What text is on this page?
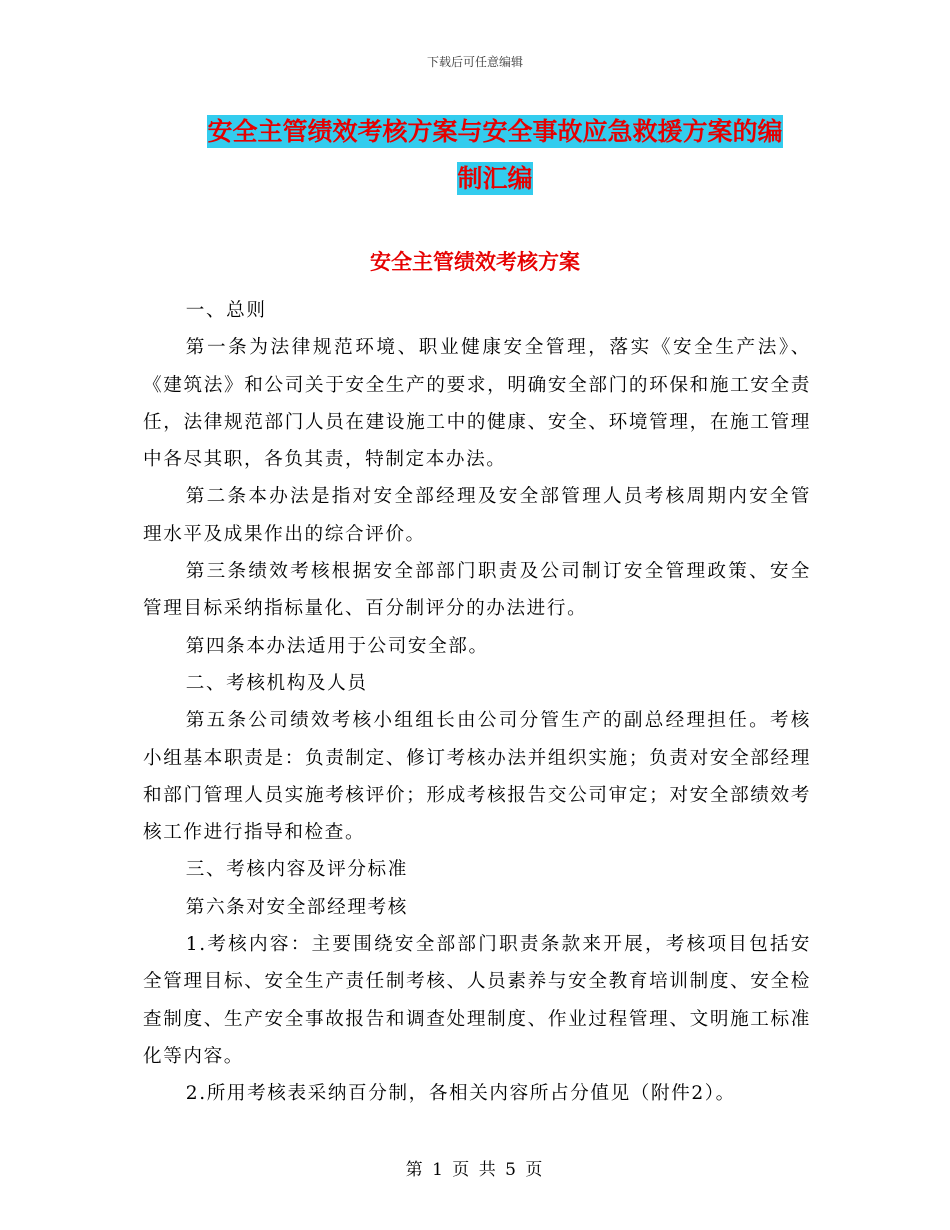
下载后可任意编辑
安全主管绩效考核方案与安全事故应急救援方案的编
制汇编
安全主管绩效考核方案

一、总则

第一条为法律规范环境、职业健康安全管理，落实《安全生产法》、《建筑法》和公司关于安全生产的要求，明确安全部门的环保和施工安全责任，法律规范部门人员在建设施工中的健康、安全、环境管理，在施工管理中各尽其职，各负其责，特制定本办法。

第二条本办法是指对安全部经理及安全部管理人员考核周期内安全管理水平及成果作出的综合评价。

第三条绩效考核根据安全部部门职责及公司制订安全管理政策、安全管理目标采纳指标量化、百分制评分的办法进行。

第四条本办法适用于公司安全部。

二、考核机构及人员

第五条公司绩效考核小组组长由公司分管生产的副总经理担任。考核小组基本职责是：负责制定、修订考核办法并组织实施；负责对安全部经理和部门管理人员实施考核评价；形成考核报告交公司审定；对安全部绩效考核工作进行指导和检查。

三、考核内容及评分标准

第六条对安全部经理考核

1.考核内容：主要围绕安全部部门职责条款来开展，考核项目包括安全管理目标、安全生产责任制考核、人员素养与安全教育培训制度、安全检查制度、生产安全事故报告和调查处理制度、作业过程管理、文明施工标准化等内容。

2.所用考核表采纳百分制，各相关内容所占分值见（附件2）。

第 1 页 共 5 页
